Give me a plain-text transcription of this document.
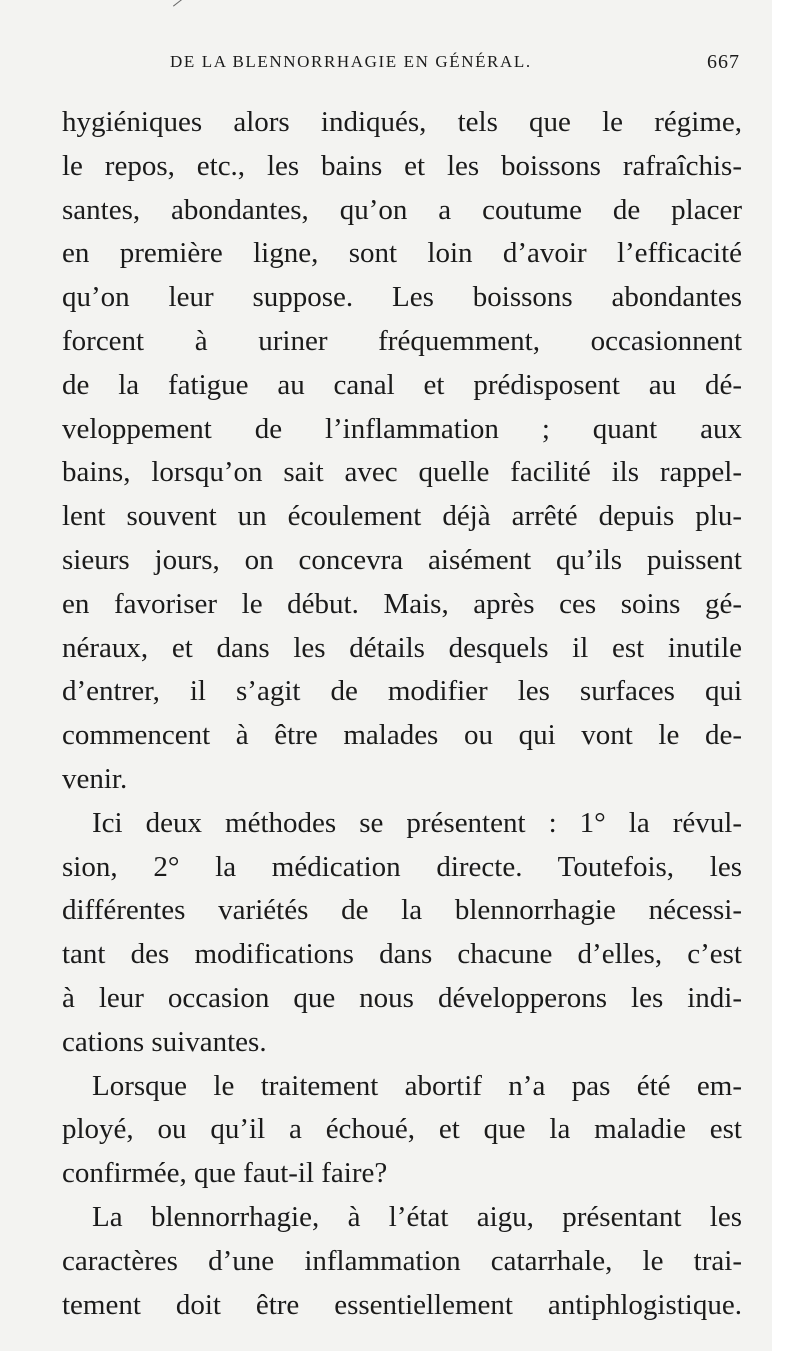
DE LA BLENNORRHAGIE EN GÉNÉRAL.	667
hygiéniques alors indiqués, tels que le régime,
le repos, etc., les bains et les boissons rafraîchis-
santes, abondantes, qu’on a coutume de placer
en première ligne, sont loin d’avoir l’efficacité
qu’on leur suppose. Les boissons abondantes
forcent à uriner fréquemment, occasionnent
de la fatigue au canal et prédisposent au dé-
veloppement de l’inflammation ; quant aux
bains, lorsqu’on sait avec quelle facilité ils rappel-
lent souvent un écoulement déjà arrêté depuis plu-
sieurs jours, on concevra aisément qu’ils puissent
en favoriser le début. Mais, après ces soins gé-
néraux, et dans les détails desquels il est inutile
d’entrer, il s’agit de modifier les surfaces qui
commencent à être malades ou qui vont le de-
venir.
Ici deux méthodes se présentent : 1° la révul-
sion, 2° la médication directe. Toutefois, les
différentes variétés de la blennorrhagie nécessi-
tant des modifications dans chacune d’elles, c’est
à leur occasion que nous développerons les indi-
cations suivantes.
Lorsque le traitement abortif n’a pas été em-
ployé, ou qu’il a échoué, et que la maladie est
confirmée, que faut-il faire?
La blennorrhagie, à l’état aigu, présentant les
caractères d’une inflammation catarrhale, le trai-
tement doit être essentiellement antiphlogistique.
